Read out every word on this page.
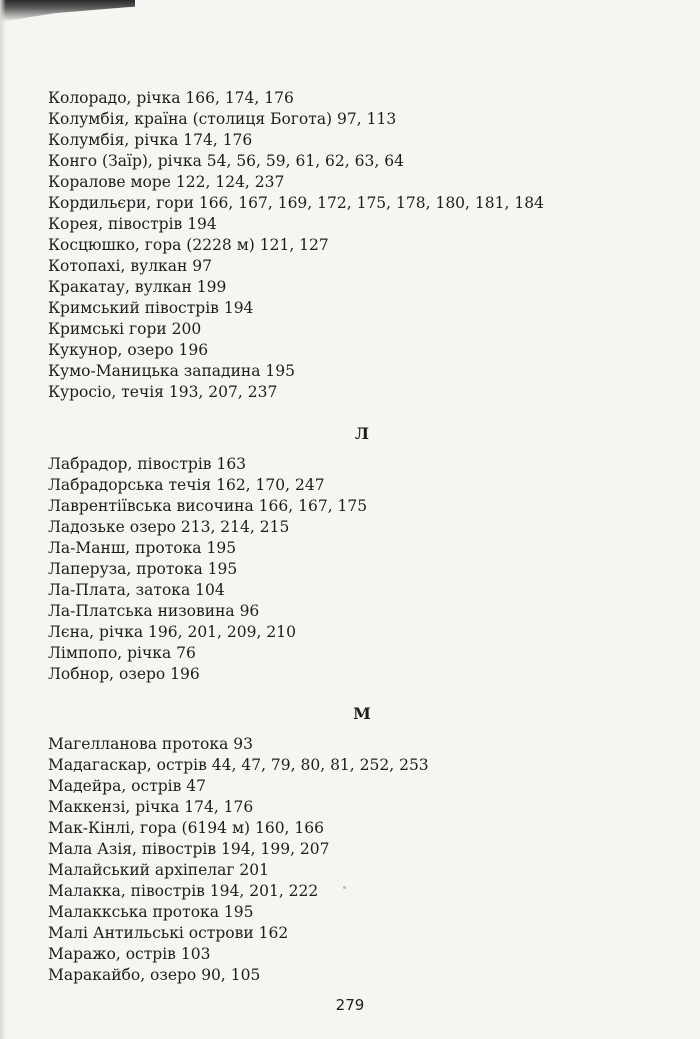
Колорадо, річка 166, 174, 176

Колумбія, країна (столиця Богота) 97, 113

Колумбія, річка 174, 176

Конго (Заїр), річка 54, 56, 59, 61, 62, 63, 64

Коралове море 122, 124, 237

Кордильєри, гори 166, 167, 169, 172, 175, 178, 180, 181, 184

Корея, півострів 194

Косцюшко, гора (2228 м) 121, 127

Котопахі, вулкан 97

Кракатау, вулкан 199

Кримський півострів 194

Кримські гори 200

Кукунор, озеро 196

Кумо-Маницька западина 195

Куросіо, течія 193, 207, 237

Л

Лабрадор, півострів 163

Лабрадорська течія 162, 170, 247

Лаврентіївська височина 166, 167, 175

Ладозьке озеро 213, 214, 215

Ла-Манш, протока 195

Лаперуза, протока 195

Ла-Плата, затока 104

Ла-Платська низовина 96

Лєна, річка 196, 201, 209, 210

Лімпопо, річка 76

Лобнор, озеро 196

М

Магелланова протока 93

Мадагаскар, острів 44, 47, 79, 80, 81, 252, 253

Мадейра, острів 47

Маккензі, річка 174, 176

Мак-Кінлі, гора (6194 м) 160, 166

Мала Азія, півострів 194, 199, 207

Малайський архіпелаг 201

Малакка, півострів 194, 201, 222

Малаккська протока 195

Малі Антильські острови 162

Маражо, острів 103

Маракайбо, озеро 90, 105

279
